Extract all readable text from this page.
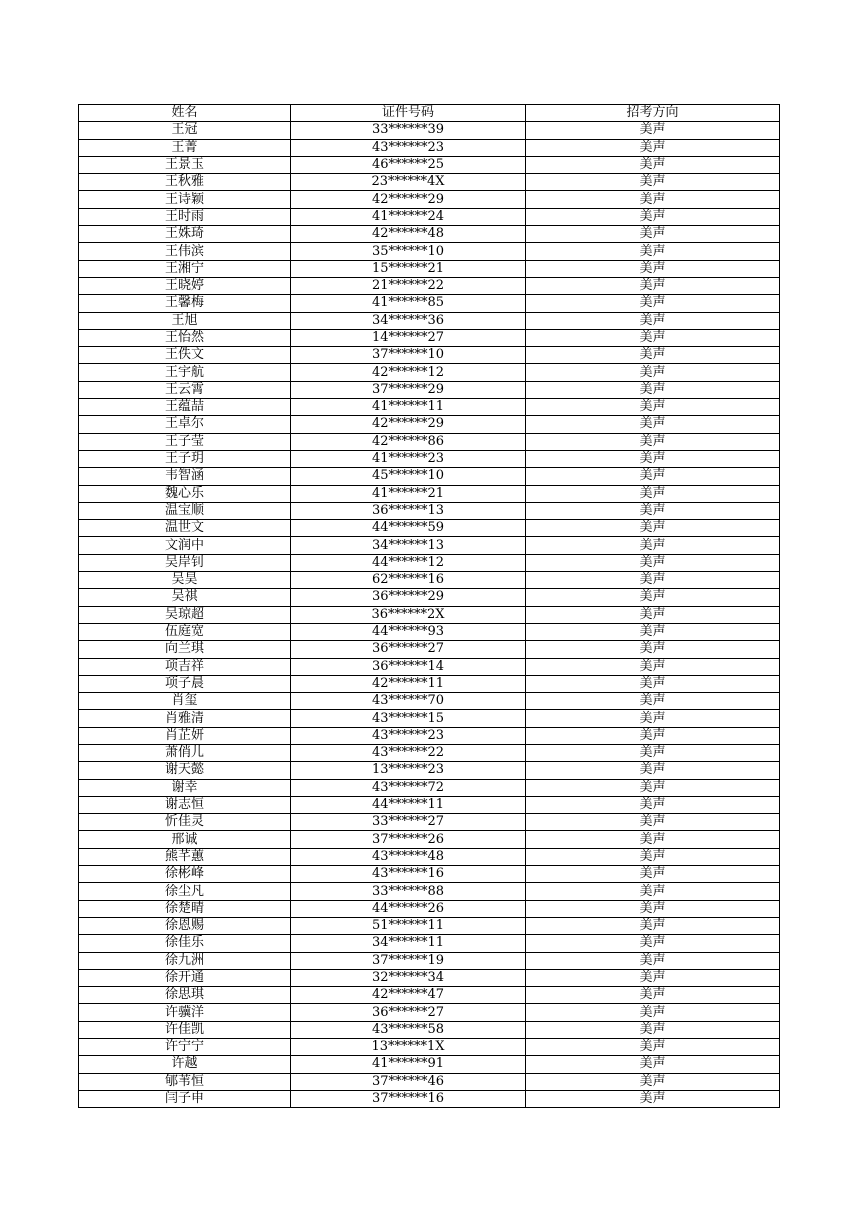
姓名	证件号码	招考方向
王冠	33******39	美声
王菁	43******23	美声
王景玉	46******25	美声
王秋雅	23******4X	美声
王诗颖	42******29	美声
王时雨	41******24	美声
王姝琦	42******48	美声
王伟滨	35******10	美声
王湘宁	15******21	美声
王晓婷	21******22	美声
王馨梅	41******85	美声
王旭	34******36	美声
王怡然	14******27	美声
王佚文	37******10	美声
王宇航	42******12	美声
王云霄	37******29	美声
王蕴喆	41******11	美声
王卓尔	42******29	美声
王子莹	42******86	美声
王子玥	41******23	美声
韦智涵	45******10	美声
魏心乐	41******21	美声
温宝顺	36******13	美声
温世文	44******59	美声
文润中	34******13	美声
吴岸钊	44******12	美声
吴昊	62******16	美声
吴祺	36******29	美声
吴琼超	36******2X	美声
伍庭宽	44******93	美声
向兰琪	36******27	美声
项吉祥	36******14	美声
项子晨	42******11	美声
肖玺	43******70	美声
肖雅清	43******15	美声
肖芷妍	43******23	美声
萧俏儿	43******22	美声
谢天懿	13******23	美声
谢幸	43******72	美声
谢志恒	44******11	美声
忻佳灵	33******27	美声
邢诚	37******26	美声
熊芊蕙	43******48	美声
徐彬峰	43******16	美声
徐尘凡	33******88	美声
徐楚晴	44******26	美声
徐恩赐	51******11	美声
徐佳乐	34******11	美声
徐九洲	37******19	美声
徐开通	32******34	美声
徐思琪	42******47	美声
许骥洋	36******27	美声
许佳凯	43******58	美声
许宁宁	13******1X	美声
许越	41******91	美声
郇苇恒	37******46	美声
闫子申	37******16	美声
